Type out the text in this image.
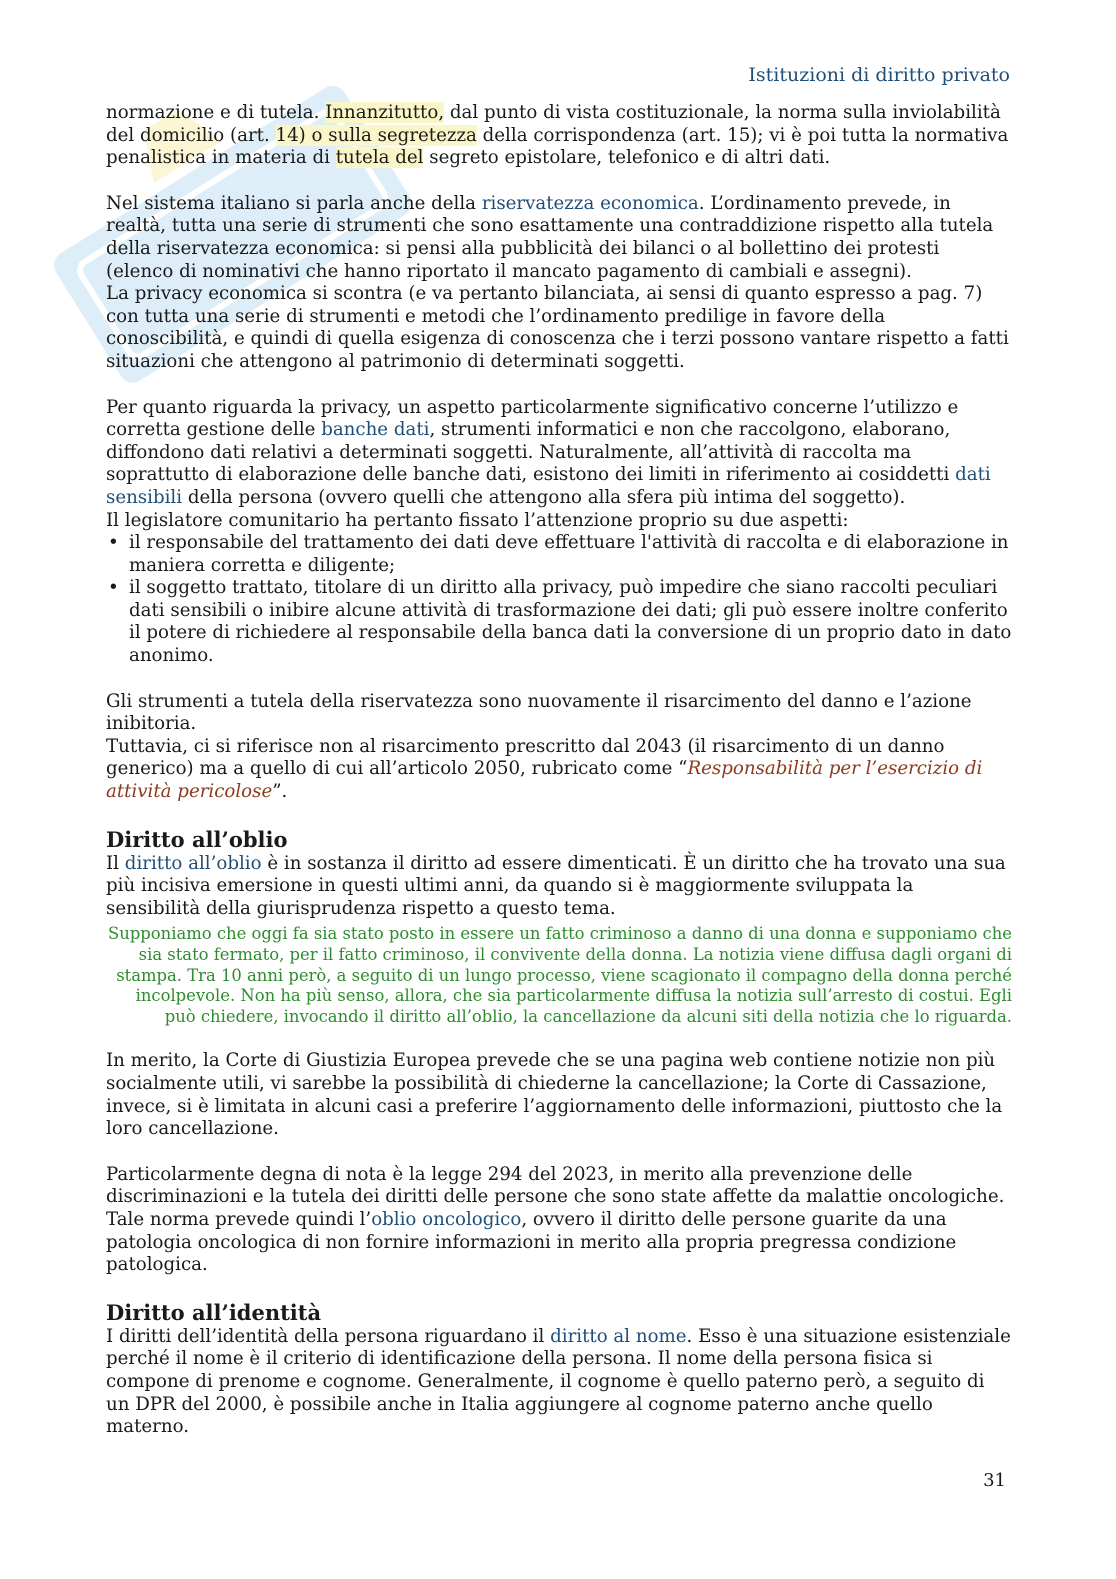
Istituzioni di diritto privato

normazione e di tutela. Innanzitutto, dal punto di vista costituzionale, la norma sulla inviolabilità del domicilio (art. 14) o sulla segretezza della corrispondenza (art. 15); vi è poi tutta la normativa penalistica in materia di tutela del segreto epistolare, telefonico e di altri dati.

Nel sistema italiano si parla anche della riservatezza economica. L’ordinamento prevede, in realtà, tutta una serie di strumenti che sono esattamente una contraddizione rispetto alla tutela della riservatezza economica: si pensi alla pubblicità dei bilanci o al bollettino dei protesti (elenco di nominativi che hanno riportato il mancato pagamento di cambiali e assegni).

La privacy economica si scontra (e va pertanto bilanciata, ai sensi di quanto espresso a pag. 7) con tutta una serie di strumenti e metodi che l’ordinamento predilige in favore della conoscibilità, e quindi di quella esigenza di conoscenza che i terzi possono vantare rispetto a fatti situazioni che attengono al patrimonio di determinati soggetti.

Per quanto riguarda la privacy, un aspetto particolarmente significativo concerne l’utilizzo e corretta gestione delle banche dati, strumenti informatici e non che raccolgono, elaborano, diffondono dati relativi a determinati soggetti. Naturalmente, all’attività di raccolta ma soprattutto di elaborazione delle banche dati, esistono dei limiti in riferimento ai cosiddetti dati sensibili della persona (ovvero quelli che attengono alla sfera più intima del soggetto).

Il legislatore comunitario ha pertanto fissato l’attenzione proprio su due aspetti:

• il responsabile del trattamento dei dati deve effettuare l'attività di raccolta e di elaborazione in maniera corretta e diligente;
• il soggetto trattato, titolare di un diritto alla privacy, può impedire che siano raccolti peculiari dati sensibili o inibire alcune attività di trasformazione dei dati; gli può essere inoltre conferito il potere di richiedere al responsabile della banca dati la conversione di un proprio dato in dato anonimo.

Gli strumenti a tutela della riservatezza sono nuovamente il risarcimento del danno e l’azione inibitoria.

Tuttavia, ci si riferisce non al risarcimento prescritto dal 2043 (il risarcimento di un danno generico) ma a quello di cui all’articolo 2050, rubricato come “Responsabilità per l’esercizio di attività pericolose”.

Diritto all’oblio

Il diritto all’oblio è in sostanza il diritto ad essere dimenticati. È un diritto che ha trovato una sua più incisiva emersione in questi ultimi anni, da quando si è maggiormente sviluppata la sensibilità della giurisprudenza rispetto a questo tema.

Supponiamo che oggi fa sia stato posto in essere un fatto criminoso a danno di una donna e supponiamo che sia stato fermato, per il fatto criminoso, il convivente della donna. La notizia viene diffusa dagli organi di stampa. Tra 10 anni però, a seguito di un lungo processo, viene scagionato il compagno della donna perché incolpevole. Non ha più senso, allora, che sia particolarmente diffusa la notizia sull’arresto di costui. Egli può chiedere, invocando il diritto all’oblio, la cancellazione da alcuni siti della notizia che lo riguarda.

In merito, la Corte di Giustizia Europea prevede che se una pagina web contiene notizie non più socialmente utili, vi sarebbe la possibilità di chiederne la cancellazione; la Corte di Cassazione, invece, si è limitata in alcuni casi a preferire l’aggiornamento delle informazioni, piuttosto che la loro cancellazione.

Particolarmente degna di nota è la legge 294 del 2023, in merito alla prevenzione delle discriminazioni e la tutela dei diritti delle persone che sono state affette da malattie oncologiche.

Tale norma prevede quindi l’oblio oncologico, ovvero il diritto delle persone guarite da una patologia oncologica di non fornire informazioni in merito alla propria pregressa condizione patologica.

Diritto all’identità

I diritti dell’identità della persona riguardano il diritto al nome. Esso è una situazione esistenziale perché il nome è il criterio di identificazione della persona. Il nome della persona fisica si compone di prenome e cognome. Generalmente, il cognome è quello paterno però, a seguito di un DPR del 2000, è possibile anche in Italia aggiungere al cognome paterno anche quello materno.

31
